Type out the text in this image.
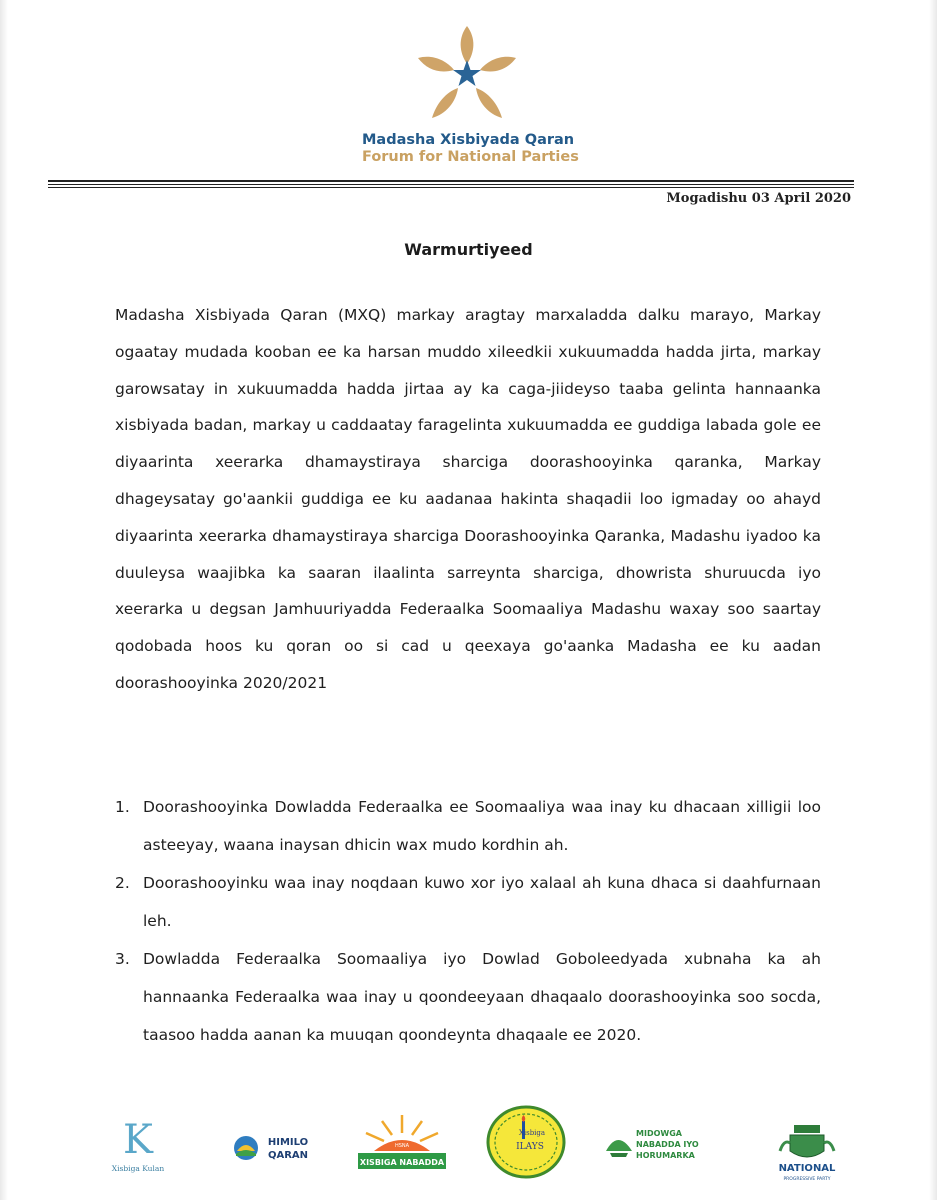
Madasha Xisbiyada Qaran
Forum for National Parties
Mogadishu 03 April 2020
Warmurtiyeed
Madasha Xisbiyada Qaran (MXQ) markay aragtay marxaladda dalku marayo, Markay ogaatay mudada kooban ee ka harsan muddo xileedkii xukuumadda hadda jirta, markay garowsatay in xukuumadda hadda jirtaa ay ka caga-jiideyso taaba gelinta hannaanka xisbiyada badan, markay u caddaatay faragelinta xukuumadda ee guddiga labada gole ee diyaarinta xeerarka dhamaystiraya sharciga doorashooyinka qaranka, Markay dhageysatay go'aankii guddiga ee ku aadanaa hakinta shaqadii loo igmaday oo ahayd diyaarinta xeerarka dhamaystiraya sharciga Doorashooyinka Qaranka, Madashu iyadoo ka duuleysa waajibka ka saaran ilaalinta sarreynta sharciga, dhowrista shuruucda iyo xeerarka u degsan Jamhuuriyadda Federaalka Soomaaliya Madashu waxay soo saartay qodobada hoos ku qoran oo si cad u qeexaya go'aanka Madasha ee ku aadan doorashooyinka 2020/2021
1. Doorashooyinka Dowladda Federaalka ee Soomaaliya waa inay ku dhacaan xilligii loo asteeyay, waana inaysan dhicin wax mudo kordhin ah.
2. Doorashooyinku waa inay noqdaan kuwo xor iyo xalaal ah kuna dhaca si daahfurnaan leh.
3. Dowladda Federaalka Soomaaliya iyo Dowlad Goboleedyada xubnaha ka ah hannaanka Federaalka waa inay u qoondeeyaan dhaqaalo doorashooyinka soo socda, taasoo hadda aanan ka muuqan qoondeynta dhaqaale ee 2020.
K
Xisbiga Kulan
HIMILO
QARAN
HSNA
XISBIGA NABADDA
Xisbiga
ILAYS
MIDOWGA
NABADDA IYO
HORUMARKA
NATIONAL
PROGRESSIVE PARTY
